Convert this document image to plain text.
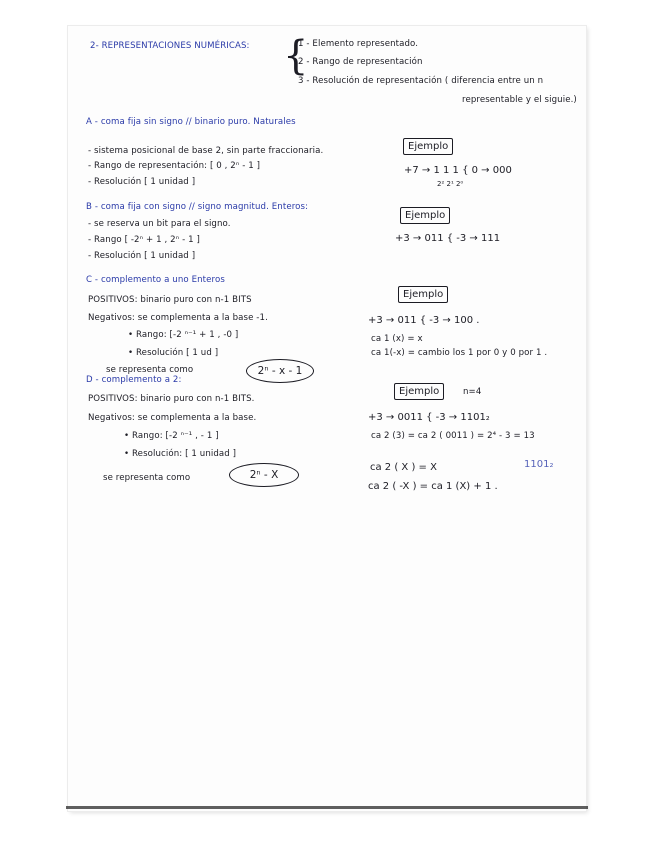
2- REPRESENTACIONES NUMÉRICAS: {
1 - Elemento representado.
2 - Rango de representación
3 - Resolución de representación ( diferencia entre un n
representable y el siguie.)
A - coma fija sin signo // binario puro. Naturales
- sistema posicional de base 2, sin parte fraccionaria.
- Rango de representación: [ 0 , 2ⁿ - 1 ]
- Resolución [ 1 unidad ]
Ejemplo
+7 → 1 1 1 { 0 → 000
2² 2¹ 2⁰
B - coma fija con signo // signo magnitud. Enteros:
- se reserva un bit para el signo.
- Rango [ -2ⁿ + 1 , 2ⁿ - 1 ]
- Resolución [ 1 unidad ]
Ejemplo
+3 → 011 { -3 → 111
C - complemento a uno Enteros
POSITIVOS: binario puro con n-1 BITS
Negativos: se complementa a la base -1.
• Rango: [-2 ⁿ⁻¹ + 1 , -0 ]
• Resolución [ 1 ud ]
se representa como	2ⁿ - x - 1
Ejemplo
+3 → 011 { -3 → 100 .
ca 1 (x) = x
ca 1(-x) = cambio los 1 por 0 y 0 por 1 .
D - complemento a 2:
POSITIVOS: binario puro con n-1 BITS.
Negativos: se complementa a la base.
• Rango: [-2 ⁿ⁻¹ , - 1 ]
• Resolución: [ 1 unidad ]
se representa como	2ⁿ - X
Ejemplo	n=4
+3 → 0011 { -3 → 1101₂
ca 2 (3) = ca 2 ( 0011 ) = 2⁴ - 3 = 13
1101₂
ca 2 ( X ) = X
ca 2 ( -X ) = ca 1 (X) + 1 .
